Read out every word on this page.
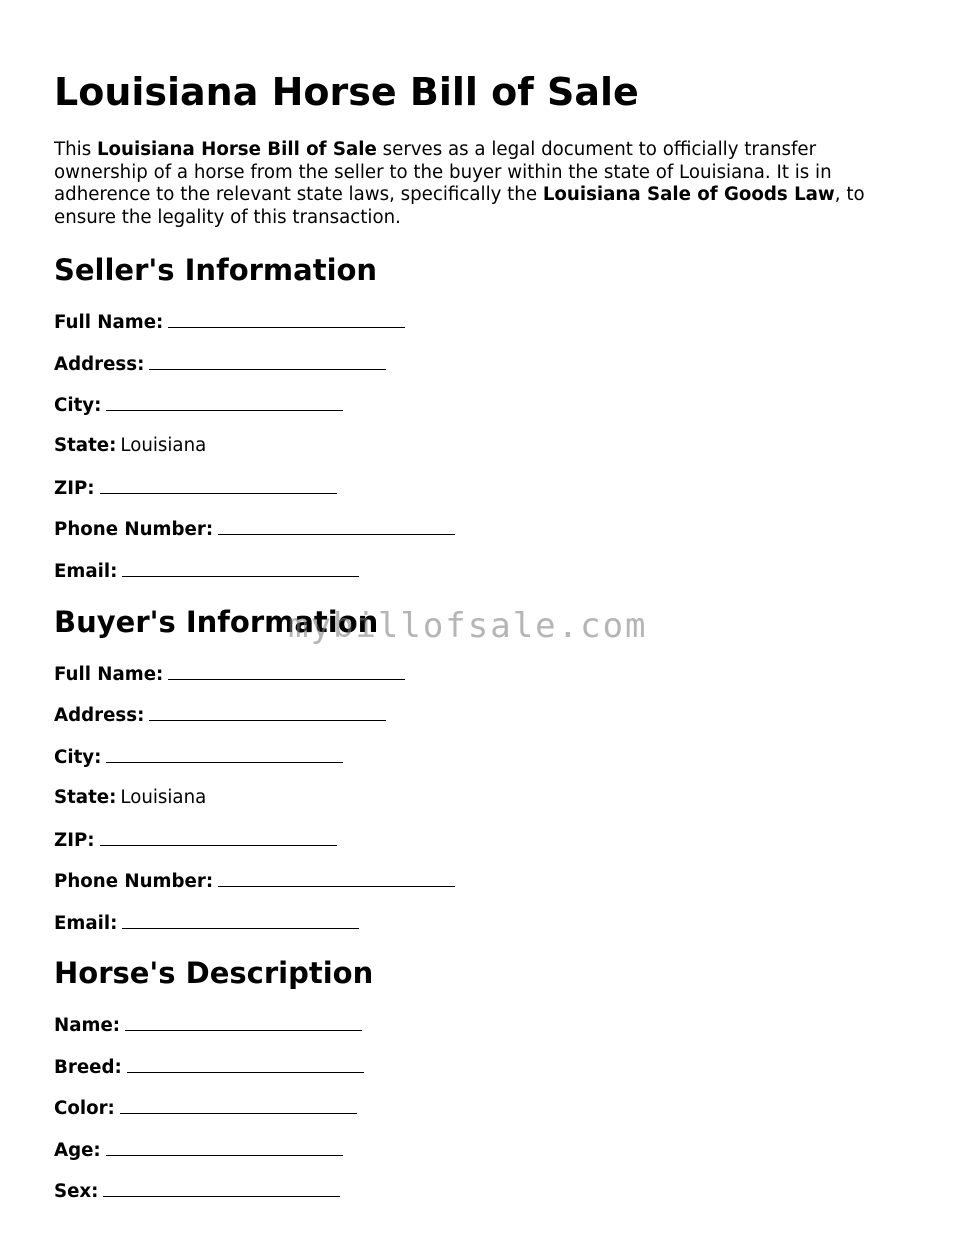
Louisiana Horse Bill of Sale

This Louisiana Horse Bill of Sale serves as a legal document to officially transfer ownership of a horse from the seller to the buyer within the state of Louisiana. It is in adherence to the relevant state laws, specifically the Louisiana Sale of Goods Law, to ensure the legality of this transaction.

Seller's Information
Full Name:
Address:
City:
State: Louisiana
ZIP:
Phone Number:
Email:
Buyer's Information
Full Name:
Address:
City:
State: Louisiana
ZIP:
Phone Number:
Email:
Horse's Description
Name:
Breed:
Color:
Age:
Sex:
mybillofsale.com
